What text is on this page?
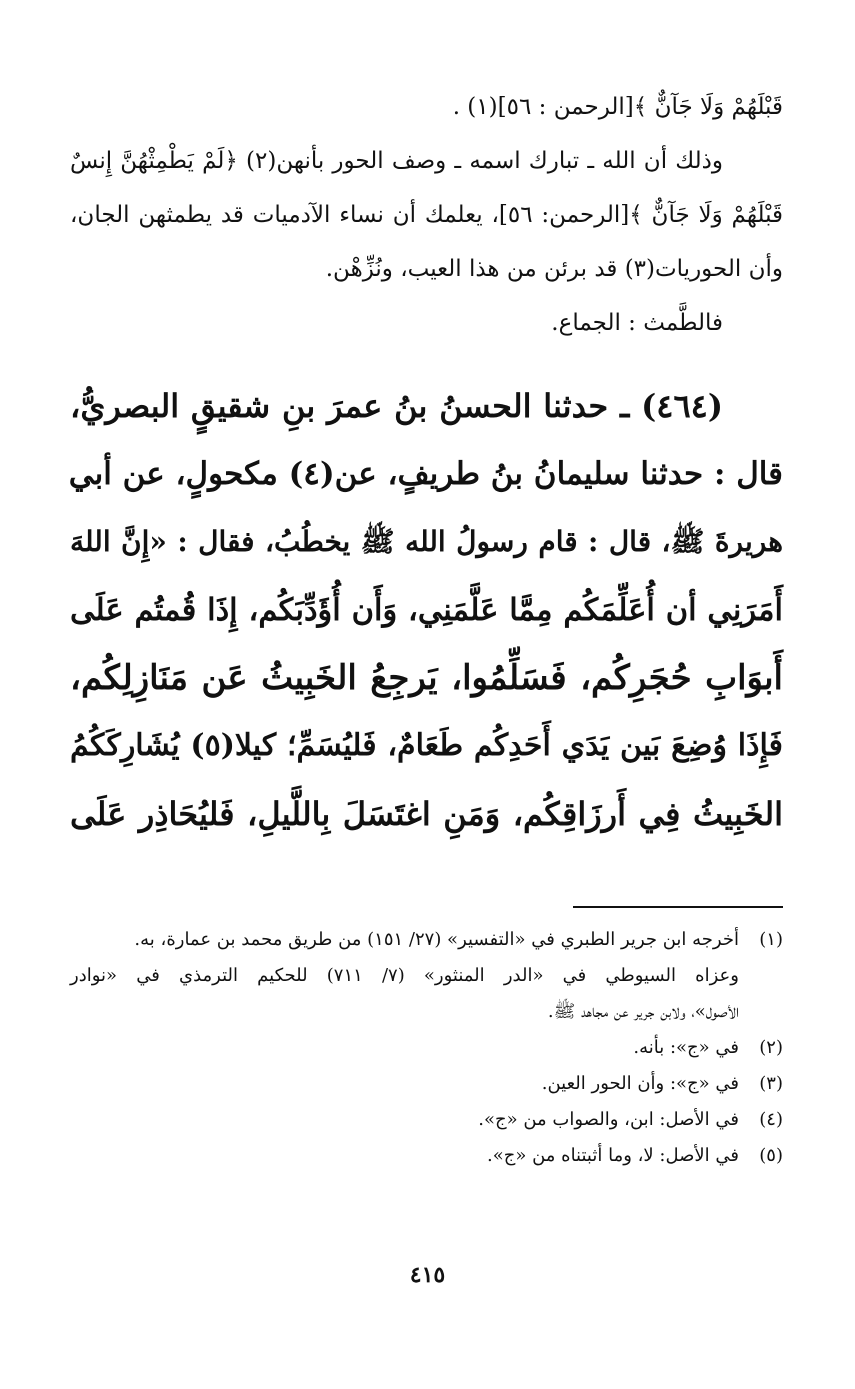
قَبْلَهُمْ وَلَا جَآنٌّ ﴾[الرحمن : ٥٦](١) .
وذلك أن الله ـ تبارك اسمه ـ وصف الحور بأنهن(٢) ﴿لَمْ يَطْمِثْهُنَّ إِنسٌ
قَبْلَهُمْ وَلَا جَآنٌّ ﴾[الرحمن: ٥٦]، يعلمك أن نساء الآدميات قد يطمثهن الجان،
وأن الحوريات(٣) قد برئن من هذا العيب، ونُزِّهْن.
فالطَّمث : الجماع.
(٤٦٤) ـ حدثنا الحسنُ بنُ عمرَ بنِ شقيقٍ البصريُّ،
قال : حدثنا سليمانُ بنُ طريفٍ، عن(٤) مكحولٍ، عن أبي
هريرةَ ﷺ، قال : قام رسولُ الله ﷺ يخطُبُ، فقال : «إِنَّ اللهَ
أَمَرَنِي أن أُعَلِّمَكُم مِمَّا عَلَّمَنِي، وَأَن أُؤَدِّبَكُم، إِذَا قُمتُم عَلَى
أَبوَابِ حُجَرِكُم، فَسَلِّمُوا، يَرجِعُ الخَبِيثُ عَن مَنَازِلِكُم،
فَإِذَا وُضِعَ بَين يَدَي أَحَدِكُم طَعَامٌ، فَليُسَمِّ؛ كيلا(٥) يُشَارِكَكُمُ
الخَبِيثُ فِي أَرزَاقِكُم، وَمَنِ اغتَسَلَ بِاللَّيلِ، فَليُحَاذِر عَلَى
(١)أخرجه ابن جرير الطبري في «التفسير» (٢٧/ ١٥١) من طريق محمد بن عمارة، به.
وعزاه السيوطي في «الدر المنثور» (٧/ ٧١١) للحكيم الترمذي في «نوادر
الأصول»، ولابن جرير عن مجاهد ﷺ.
(٢)في «ج»: بأنه.
(٣)في «ج»: وأن الحور العين.
(٤)في الأصل: ابن، والصواب من «ج».
(٥)في الأصل: لا، وما أثبتناه من «ج».
٤١٥
